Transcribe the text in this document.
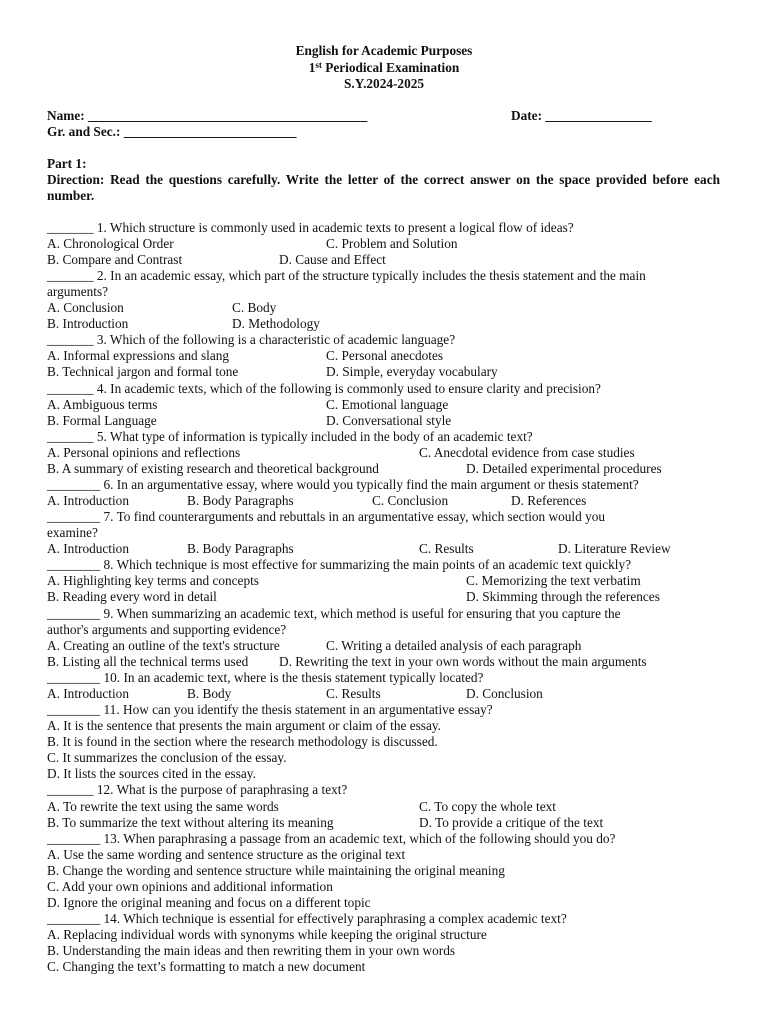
English for Academic Purposes
1st Periodical Examination
S.Y.2024-2025
Name: __________________________________________	Date: ________________
Gr. and Sec.: __________________________
Part 1:
Direction: Read the questions carefully. Write the letter of the correct answer on the space provided before each number.
_______ 1. Which structure is commonly used in academic texts to present a logical flow of ideas?
A. Chronological Order	C. Problem and Solution
B. Compare and Contrast	D. Cause and Effect
_______ 2. In an academic essay, which part of the structure typically includes the thesis statement and the main
arguments?
A. Conclusion	C. Body
B. Introduction	D. Methodology
_______ 3. Which of the following is a characteristic of academic language?
A. Informal expressions and slang	C. Personal anecdotes
B. Technical jargon and formal tone	D. Simple, everyday vocabulary
_______ 4. In academic texts, which of the following is commonly used to ensure clarity and precision?
A. Ambiguous terms	C. Emotional language
B. Formal Language	D. Conversational style
_______ 5. What type of information is typically included in the body of an academic text?
A. Personal opinions and reflections	C. Anecdotal evidence from case studies
B. A summary of existing research and theoretical background	D. Detailed experimental procedures
________ 6. In an argumentative essay, where would you typically find the main argument or thesis statement?
A. Introduction	B. Body Paragraphs	C. Conclusion	D. References
________ 7. To find counterarguments and rebuttals in an argumentative essay, which section would you
examine?
A. Introduction	B. Body Paragraphs	C. Results	D. Literature Review
________ 8. Which technique is most effective for summarizing the main points of an academic text quickly?
A. Highlighting key terms and concepts	C. Memorizing the text verbatim
B. Reading every word in detail	D. Skimming through the references
________ 9. When summarizing an academic text, which method is useful for ensuring that you capture the
author's arguments and supporting evidence?
A. Creating an outline of the text's structure	C. Writing a detailed analysis of each paragraph
B. Listing all the technical terms used D. Rewriting the text in your own words without the main arguments
________ 10. In an academic text, where is the thesis statement typically located?
A. Introduction	B. Body	C. Results	D. Conclusion
________ 11. How can you identify the thesis statement in an argumentative essay?
A. It is the sentence that presents the main argument or claim of the essay.
B. It is found in the section where the research methodology is discussed.
C. It summarizes the conclusion of the essay.
D. It lists the sources cited in the essay.
_______ 12. What is the purpose of paraphrasing a text?
A. To rewrite the text using the same words	C. To copy the whole text
B. To summarize the text without altering its meaning	D. To provide a critique of the text
________ 13. When paraphrasing a passage from an academic text, which of the following should you do?
A. Use the same wording and sentence structure as the original text
B. Change the wording and sentence structure while maintaining the original meaning
C. Add your own opinions and additional information
D. Ignore the original meaning and focus on a different topic
________ 14. Which technique is essential for effectively paraphrasing a complex academic text?
A. Replacing individual words with synonyms while keeping the original structure
B. Understanding the main ideas and then rewriting them in your own words
C. Changing the text’s formatting to match a new document
